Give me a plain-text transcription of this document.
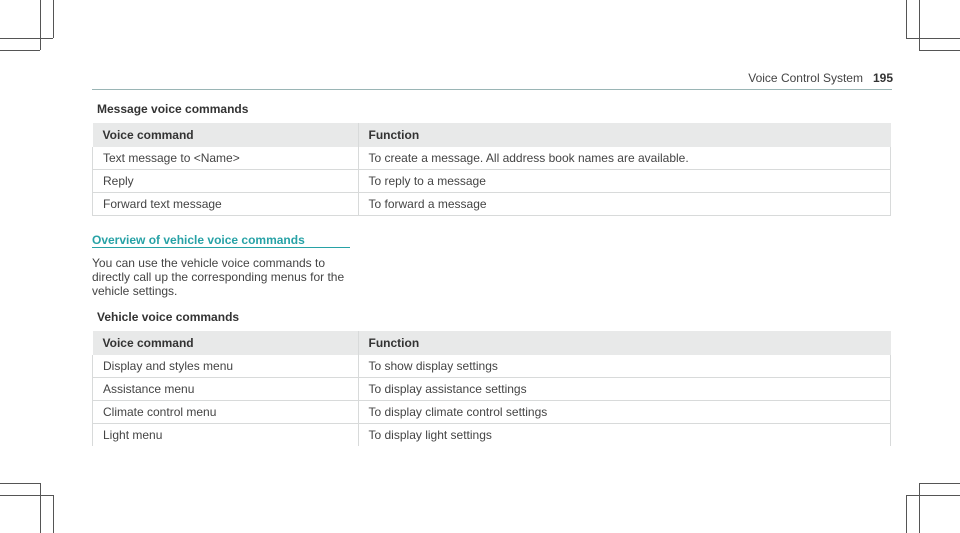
Voice Control System 195
Message voice commands
Voice command	Function
Text message to <Name>	To create a message. All address book names are available.
Reply	To reply to a message
Forward text message	To forward a message
Overview of vehicle voice commands
You can use the vehicle voice commands to directly call up the corresponding menus for the vehicle settings.
Vehicle voice commands
Voice command	Function
Display and styles menu	To show display settings
Assistance menu	To display assistance settings
Climate control menu	To display climate control settings
Light menu	To display light settings
